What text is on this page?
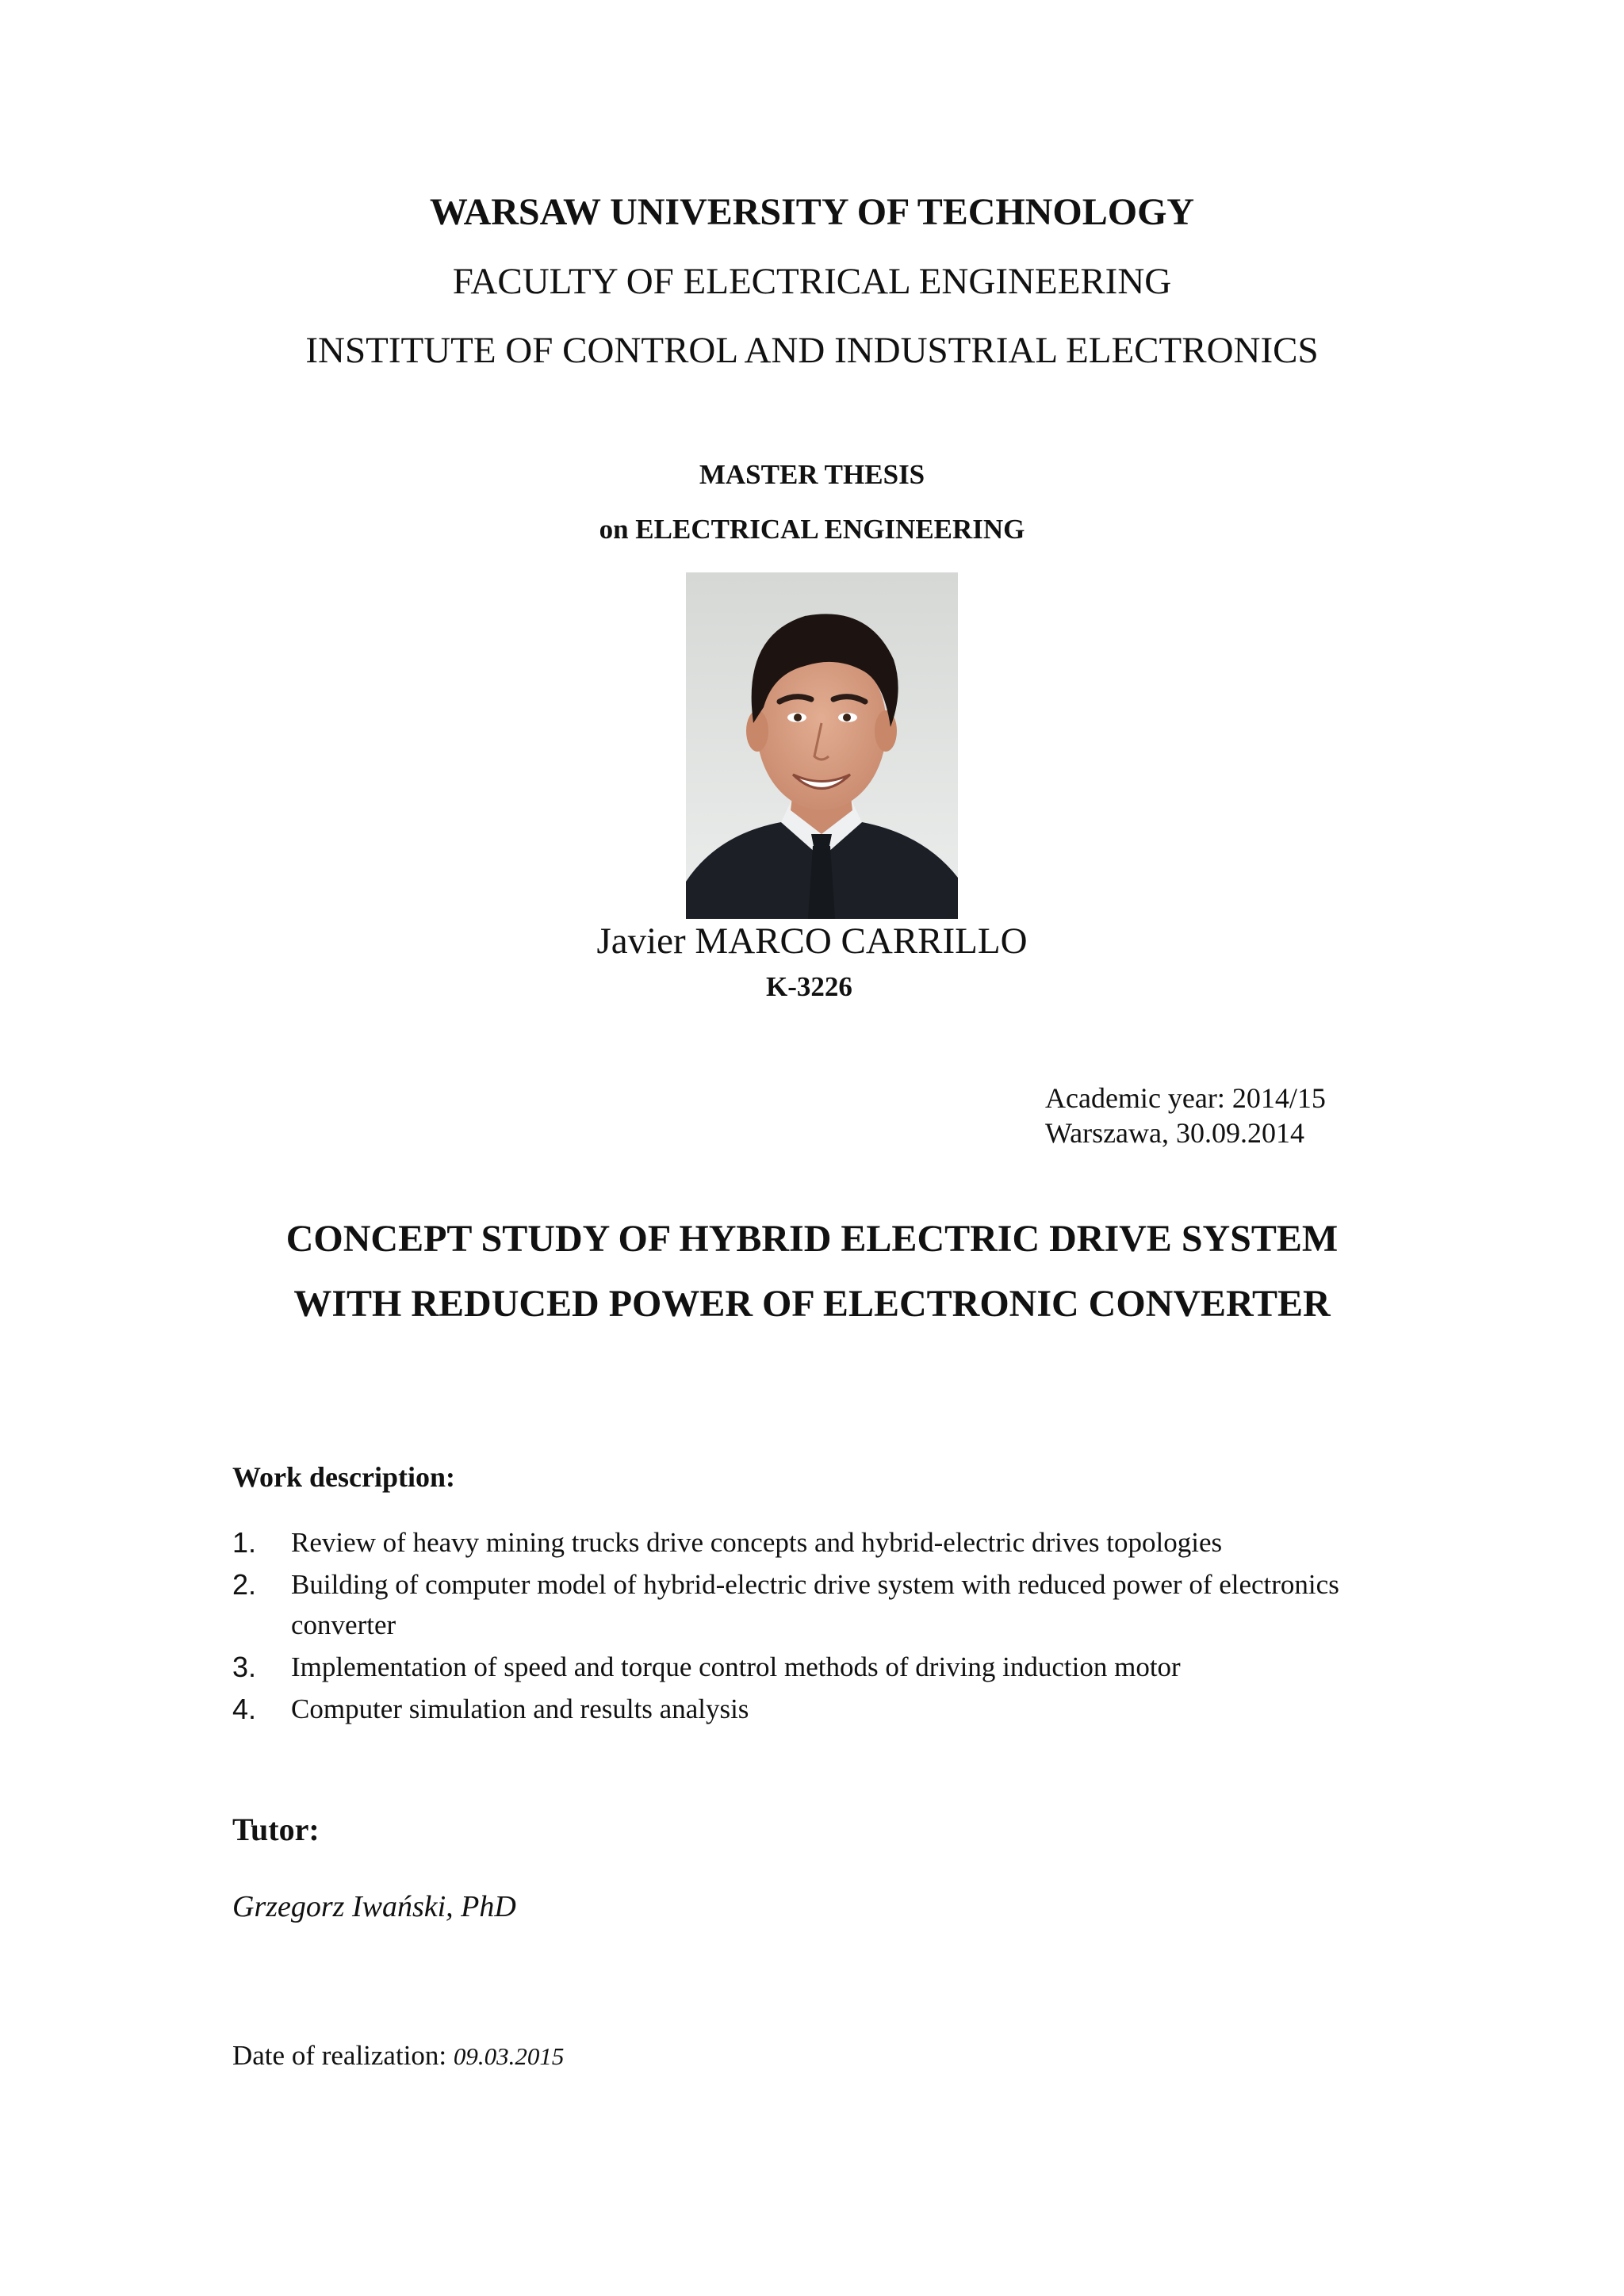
WARSAW UNIVERSITY OF TECHNOLOGY
FACULTY OF ELECTRICAL ENGINEERING
INSTITUTE OF CONTROL AND INDUSTRIAL ELECTRONICS
MASTER THESIS
on ELECTRICAL ENGINEERING
Javier MARCO CARRILLO
K-3226
Academic year: 2014/15
Warszawa, 30.09.2014
CONCEPT STUDY OF HYBRID ELECTRIC DRIVE SYSTEM
WITH REDUCED POWER OF ELECTRONIC CONVERTER
Work description:
1. Review of heavy mining trucks drive concepts and hybrid-electric drives topologies
2. Building of computer model of hybrid-electric drive system with reduced power of electronics converter
3. Implementation of speed and torque control methods of driving induction motor
4. Computer simulation and results analysis
Tutor:
Grzegorz Iwański, PhD
Date of realization: 09.03.2015
